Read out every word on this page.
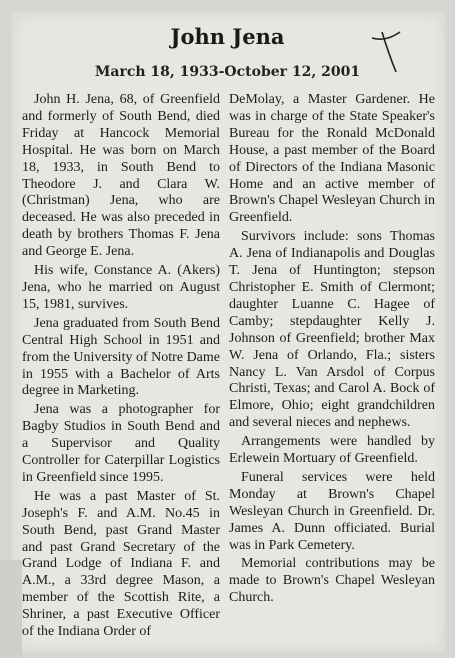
John Jena
March 18, 1933-October 12, 2001

John H. Jena, 68, of Greenfield and formerly of South Bend, died Friday at Hancock Memorial Hospital. He was born on March 18, 1933, in South Bend to Theodore J. and Clara W. (Christman) Jena, who are deceased. He was also preceded in death by brothers Thomas F. Jena and George E. Jena.

His wife, Constance A. (Akers) Jena, who he married on August 15, 1981, survives.

Jena graduated from South Bend Central High School in 1951 and from the University of Notre Dame in 1955 with a Bachelor of Arts degree in Marketing.

Jena was a photographer for Bagby Studios in South Bend and a Supervisor and Quality Controller for Caterpillar Logistics in Greenfield since 1995.

He was a past Master of St. Joseph's F. and A.M. No.45 in South Bend, past Grand Master and past Grand Secretary of the Grand Lodge of Indiana F. and A.M., a 33rd degree Mason, a member of the Scottish Rite, a Shriner, a past Executive Officer of the Indiana Order of

DeMolay, a Master Gardener. He was in charge of the State Speaker's Bureau for the Ronald McDonald House, a past member of the Board of Directors of the Indiana Masonic Home and an active member of Brown's Chapel Wesleyan Church in Greenfield.

Survivors include: sons Thomas A. Jena of Indianapolis and Douglas T. Jena of Huntington; stepson Christopher E. Smith of Clermont; daughter Luanne C. Hagee of Camby; stepdaughter Kelly J. Johnson of Greenfield; brother Max W. Jena of Orlando, Fla.; sisters Nancy L. Van Arsdol of Corpus Christi, Texas; and Carol A. Bock of Elmore, Ohio; eight grandchildren and several nieces and nephews.

Arrangements were handled by Erlewein Mortuary of Greenfield.

Funeral services were held Monday at Brown's Chapel Wesleyan Church in Greenfield. Dr. James A. Dunn officiated. Burial was in Park Cemetery.

Memorial contributions may be made to Brown's Chapel Wesleyan Church.
